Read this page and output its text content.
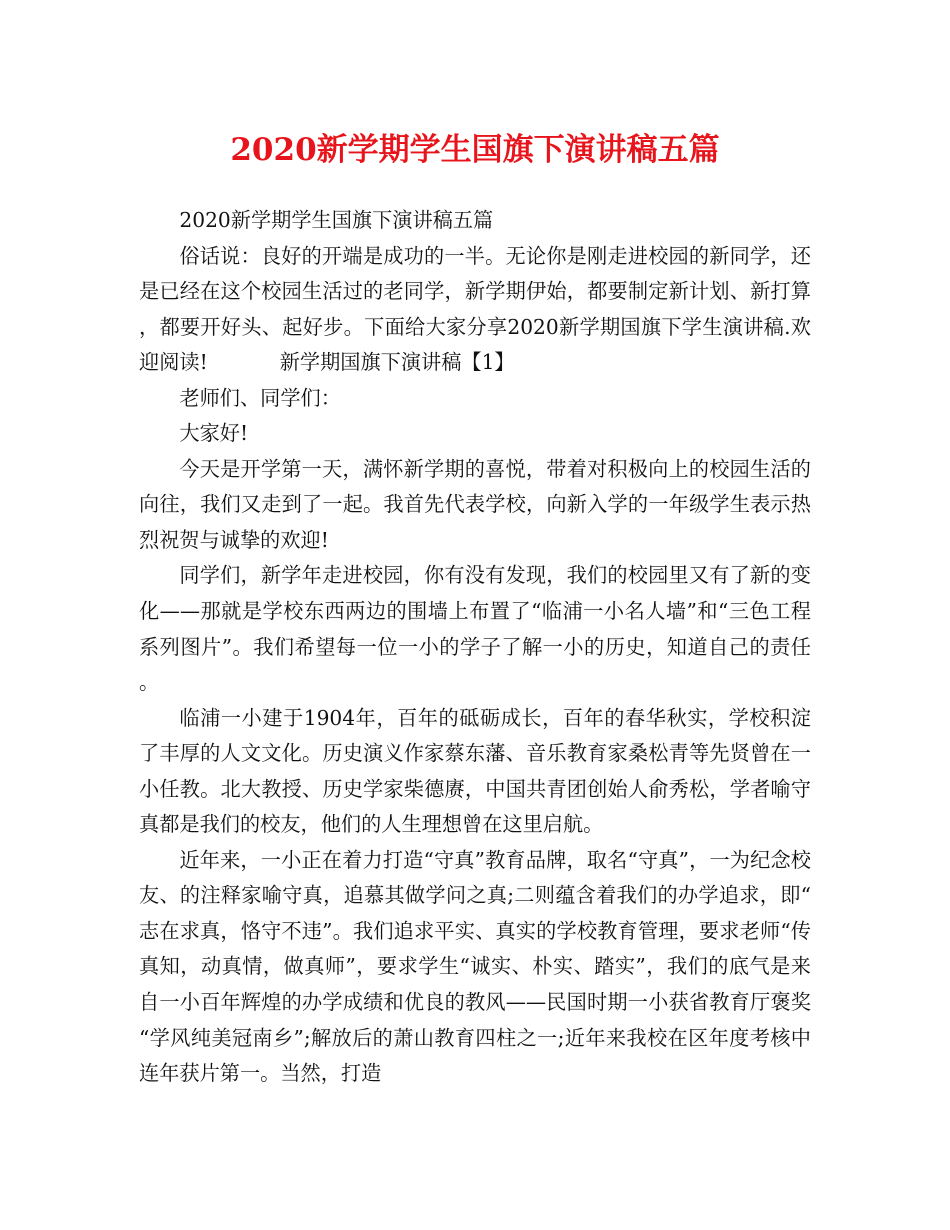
2020新学期学生国旗下演讲稿五篇

2020新学期学生国旗下演讲稿五篇

俗话说：良好的开端是成功的一半。无论你是刚走进校园的新同学，还是已经在这个校园生活过的老同学，新学期伊始，都要制定新计划、新打算，都要开好头、起好步。下面给大家分享2020新学期国旗下学生演讲稿.欢迎阅读!	新学期国旗下演讲稿【1】

老师们、同学们：

大家好!

今天是开学第一天，满怀新学期的喜悦，带着对积极向上的校园生活的向往，我们又走到了一起。我首先代表学校，向新入学的一年级学生表示热烈祝贺与诚挚的欢迎!

同学们，新学年走进校园，你有没有发现，我们的校园里又有了新的变化——那就是学校东西两边的围墙上布置了“临浦一小名人墙”和“三色工程系列图片”。我们希望每一位一小的学子了解一小的历史，知道自己的责任。

临浦一小建于1904年，百年的砥砺成长，百年的春华秋实，学校积淀了丰厚的人文文化。历史演义作家蔡东藩、音乐教育家桑松青等先贤曾在一小任教。北大教授、历史学家柴德赓，中国共青团创始人俞秀松，学者喻守真都是我们的校友，他们的人生理想曾在这里启航。

近年来，一小正在着力打造“守真”教育品牌，取名“守真”，一为纪念校友、的注释家喻守真，追慕其做学问之真;二则蕴含着我们的办学追求，即“志在求真，恪守不违”。我们追求平实、真实的学校教育管理，要求老师“传真知，动真情，做真师”，要求学生“诚实、朴实、踏实”，我们的底气是来自一小百年辉煌的办学成绩和优良的教风——民国时期一小获省教育厅褒奖“学风纯美冠南乡”;解放后的萧山教育四柱之一;近年来我校在区年度考核中连年获片第一。当然，打造
